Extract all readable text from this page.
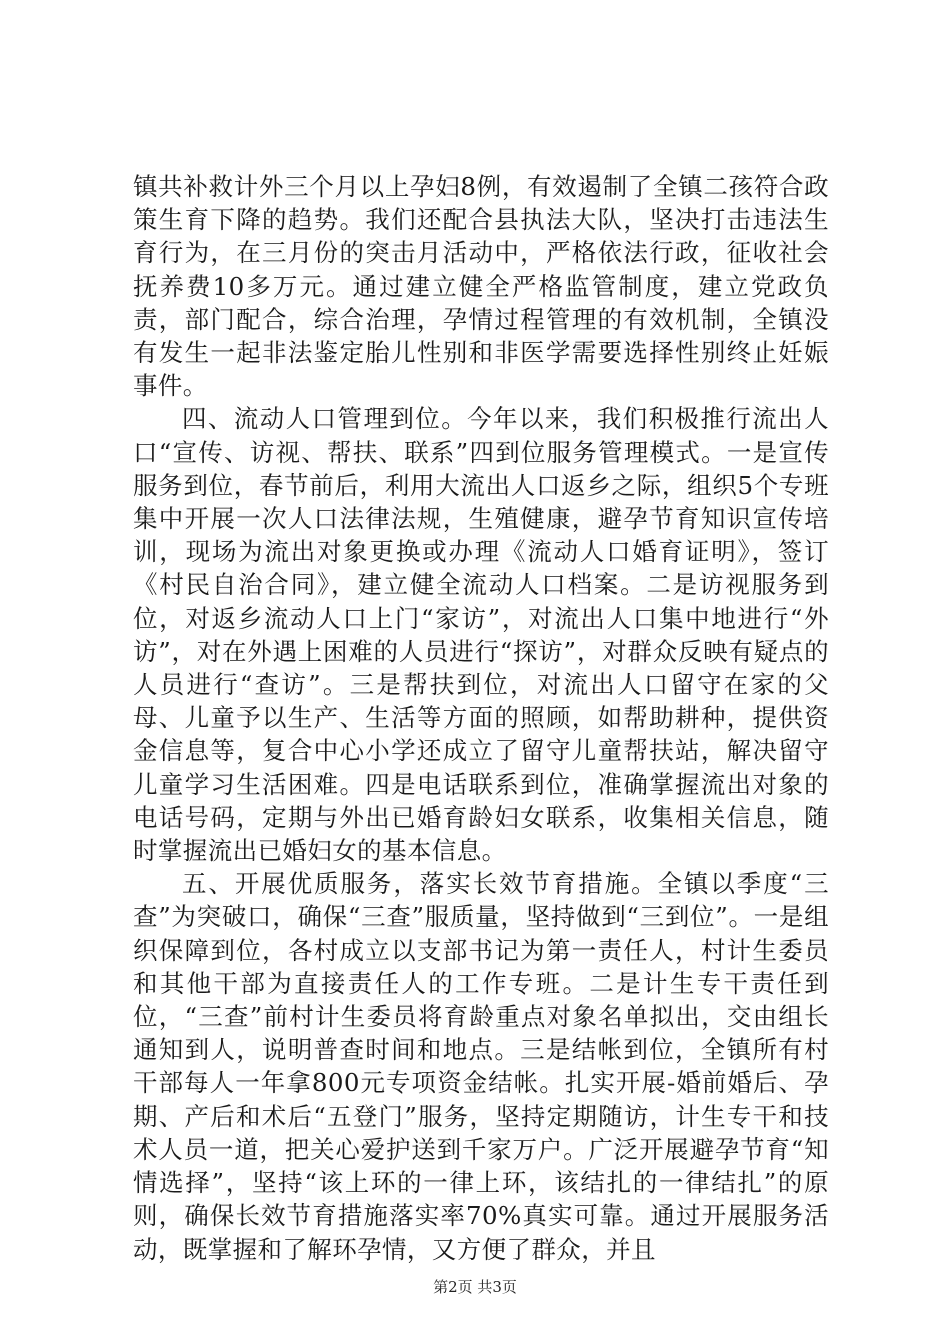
镇共补救计外三个月以上孕妇8例，有效遏制了全镇二孩符合政策生育下降的趋势。我们还配合县执法大队，坚决打击违法生育行为，在三月份的突击月活动中，严格依法行政，征收社会抚养费10多万元。通过建立健全严格监管制度，建立党政负责，部门配合，综合治理，孕情过程管理的有效机制，全镇没有发生一起非法鉴定胎儿性别和非医学需要选择性别终止妊娠事件。

四、流动人口管理到位。今年以来，我们积极推行流出人口“宣传、访视、帮扶、联系”四到位服务管理模式。一是宣传服务到位，春节前后，利用大流出人口返乡之际，组织5个专班集中开展一次人口法律法规，生殖健康，避孕节育知识宣传培训，现场为流出对象更换或办理《流动人口婚育证明》，签订《村民自治合同》，建立健全流动人口档案。二是访视服务到位，对返乡流动人口上门“家访”，对流出人口集中地进行“外访”，对在外遇上困难的人员进行“探访”，对群众反映有疑点的人员进行“查访”。三是帮扶到位，对流出人口留守在家的父母、儿童予以生产、生活等方面的照顾，如帮助耕种，提供资金信息等，复合中心小学还成立了留守儿童帮扶站，解决留守儿童学习生活困难。四是电话联系到位，准确掌握流出对象的电话号码，定期与外出已婚育龄妇女联系，收集相关信息，随时掌握流出已婚妇女的基本信息。

五、开展优质服务，落实长效节育措施。全镇以季度“三查”为突破口，确保“三查”服质量，坚持做到“三到位”。一是组织保障到位，各村成立以支部书记为第一责任人，村计生委员和其他干部为直接责任人的工作专班。二是计生专干责任到位，“三查”前村计生委员将育龄重点对象名单拟出，交由组长通知到人，说明普查时间和地点。三是结帐到位，全镇所有村干部每人一年拿800元专项资金结帐。扎实开展-婚前婚后、孕期、产后和术后“五登门”服务，坚持定期随访，计生专干和技术人员一道，把关心爱护送到千家万户。广泛开展避孕节育“知情选择”，坚持“该上环的一律上环，该结扎的一律结扎”的原则，确保长效节育措施落实率70%真实可靠。通过开展服务活动，既掌握和了解环孕情，又方便了群众，并且

第2页 共3页
